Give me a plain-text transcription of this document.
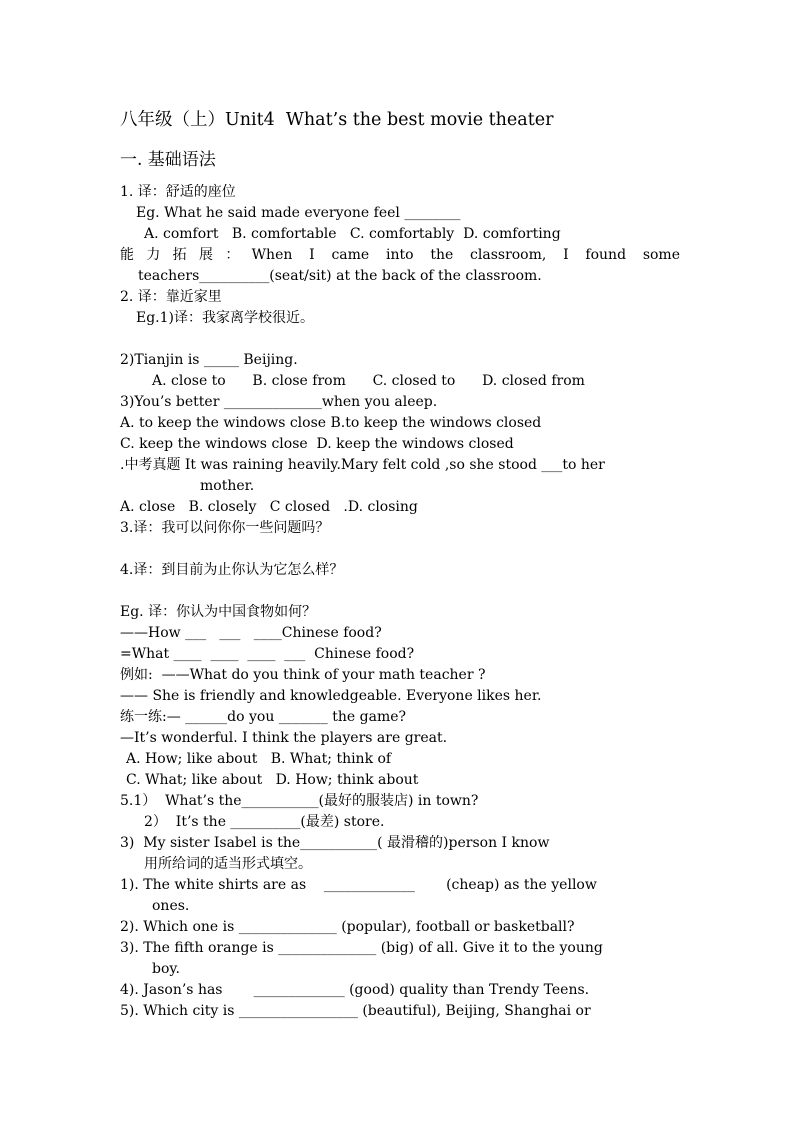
八年级（上）Unit4  What’s the best movie theater
一. 基础语法
1. 译：舒适的座位
Eg. What he said made everyone feel ________
A. comfort   B. comfortable   C. comfortably  D. comforting
能力拓展：When I came into the classroom, I found some
teachers__________(seat/sit) at the back of the classroom.
2. 译：靠近家里
Eg.1)译：我家离学校很近。
2)Tianjin is _____ Beijing.
A. close to      B. close from      C. closed to      D. closed from
3)You’s better ______________when you aleep.
A. to keep the windows close B.to keep the windows closed
C. keep the windows close  D. keep the windows closed
.中考真题 It was raining heavily.Mary felt cold ,so she stood ___to her
mother.
A. close   B. closely   C closed   .D. closing
3.译：我可以问你你一些问题吗？
4.译：到目前为止你认为它怎么样？
Eg. 译：你认为中国食物如何？
——How ___   ___   ____Chinese food?
=What ____  ____  ____  ___  Chinese food?
例如:  ——What do you think of your math teacher ?
—— She is friendly and knowledgeable. Everyone likes her.
练一练:— ______do you _______ the game?
—It’s wonderful. I think the players are great.
A. How; like about   B. What; think of
C. What; like about   D. How; think about
5.1）  What’s the___________(最好的服装店) in town?
2）  It’s the __________(最差) store.
3)  My sister Isabel is the___________( 最滑稽的)person I know
用所给词的适当形式填空。
1). The white shirts are as    _____________       (cheap) as the yellow
ones.
2). Which one is ______________ (popular), football or basketball?
3). The fifth orange is ______________ (big) of all. Give it to the young
boy.
4). Jason’s has       _____________ (good) quality than Trendy Teens.
5). Which city is _________________ (beautiful), Beijing, Shanghai or
